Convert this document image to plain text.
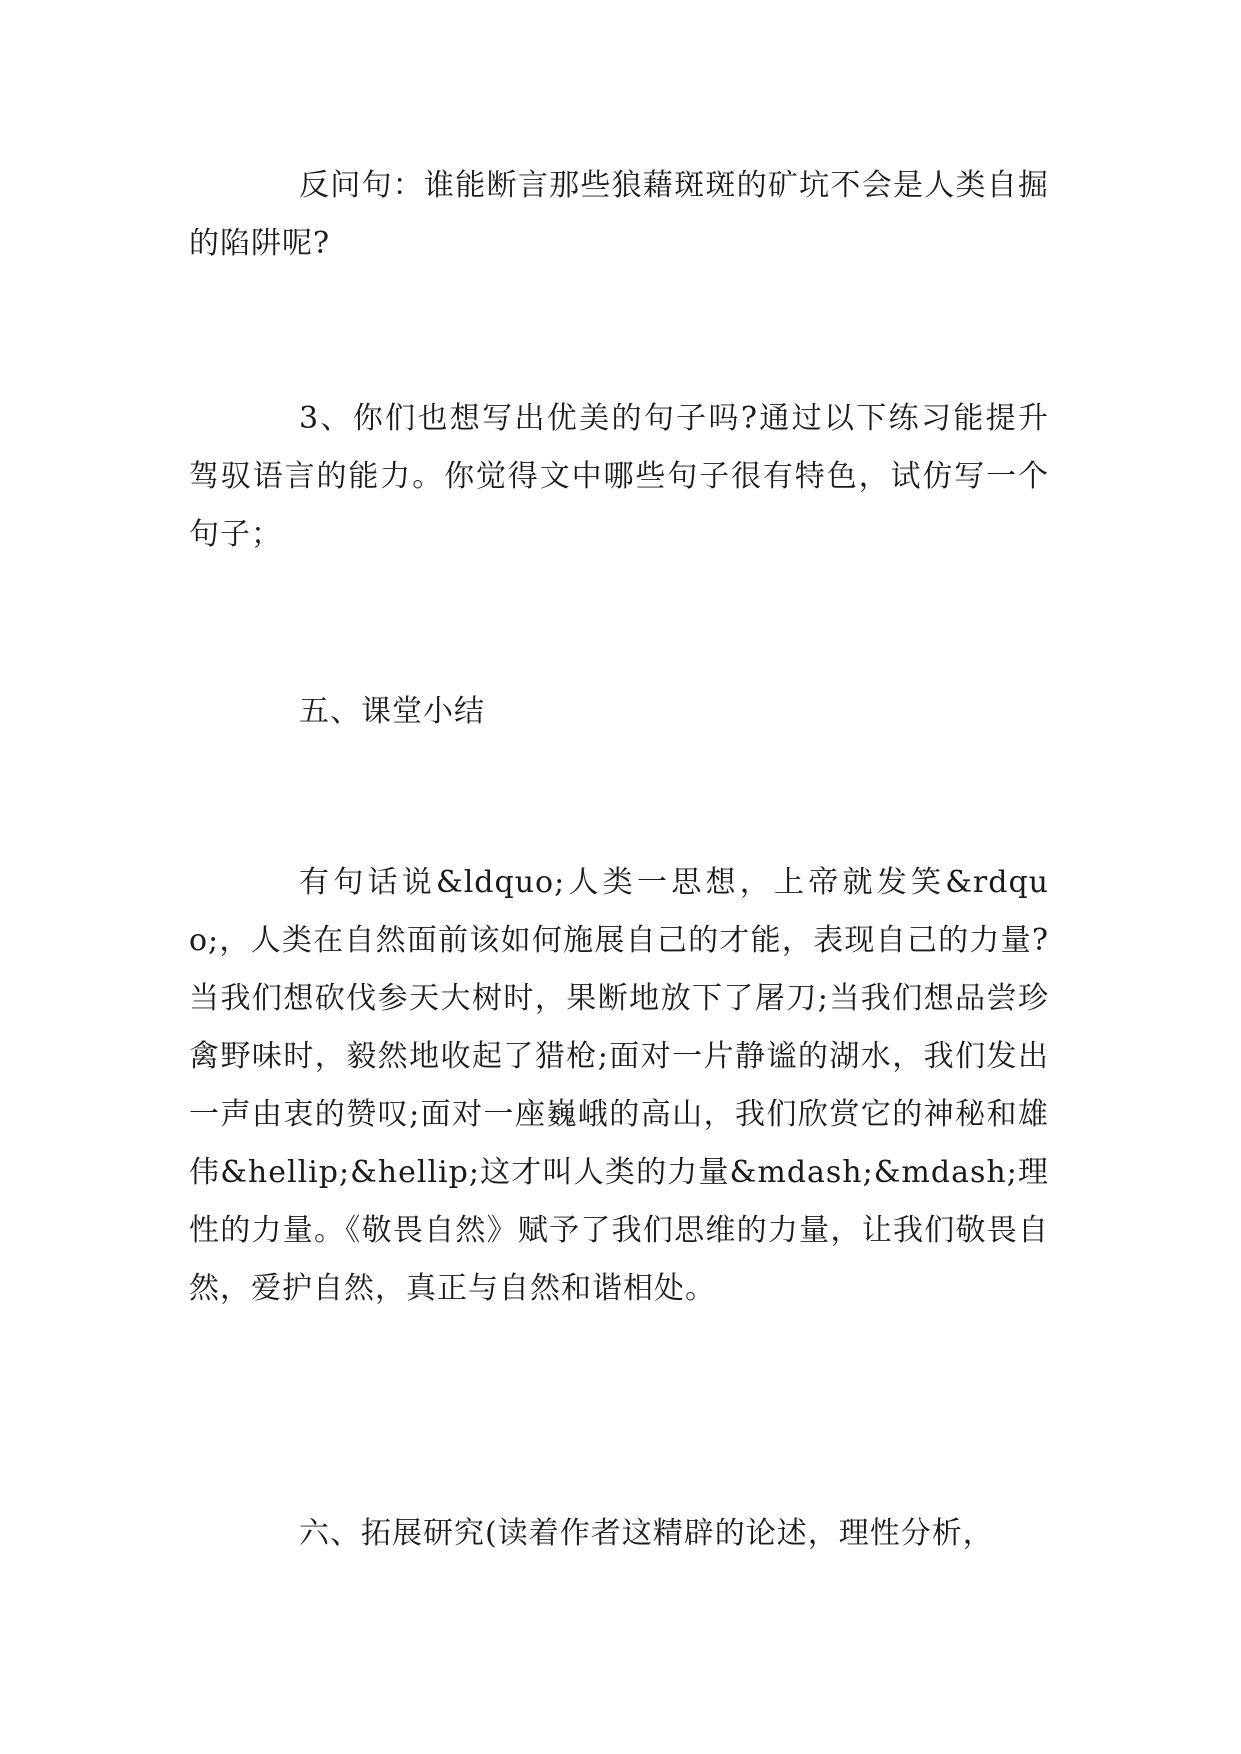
反问句：谁能断言那些狼藉斑斑的矿坑不会是人类自掘的陷阱呢?

3、你们也想写出优美的句子吗?通过以下练习能提升驾驭语言的能力。你觉得文中哪些句子很有特色，试仿写一个句子；

五、课堂小结

有句话说&ldquo;人类一思想，上帝就发笑&rdquo;，人类在自然面前该如何施展自己的才能，表现自己的力量?当我们想砍伐参天大树时，果断地放下了屠刀;当我们想品尝珍禽野味时，毅然地收起了猎枪;面对一片静谧的湖水，我们发出一声由衷的赞叹;面对一座巍峨的高山，我们欣赏它的神秘和雄伟&hellip;&hellip;这才叫人类的力量&mdash;&mdash;理性的力量。《敬畏自然》赋予了我们思维的力量，让我们敬畏自然，爱护自然，真正与自然和谐相处。

六、拓展研究(读着作者这精辟的论述，理性分析，
